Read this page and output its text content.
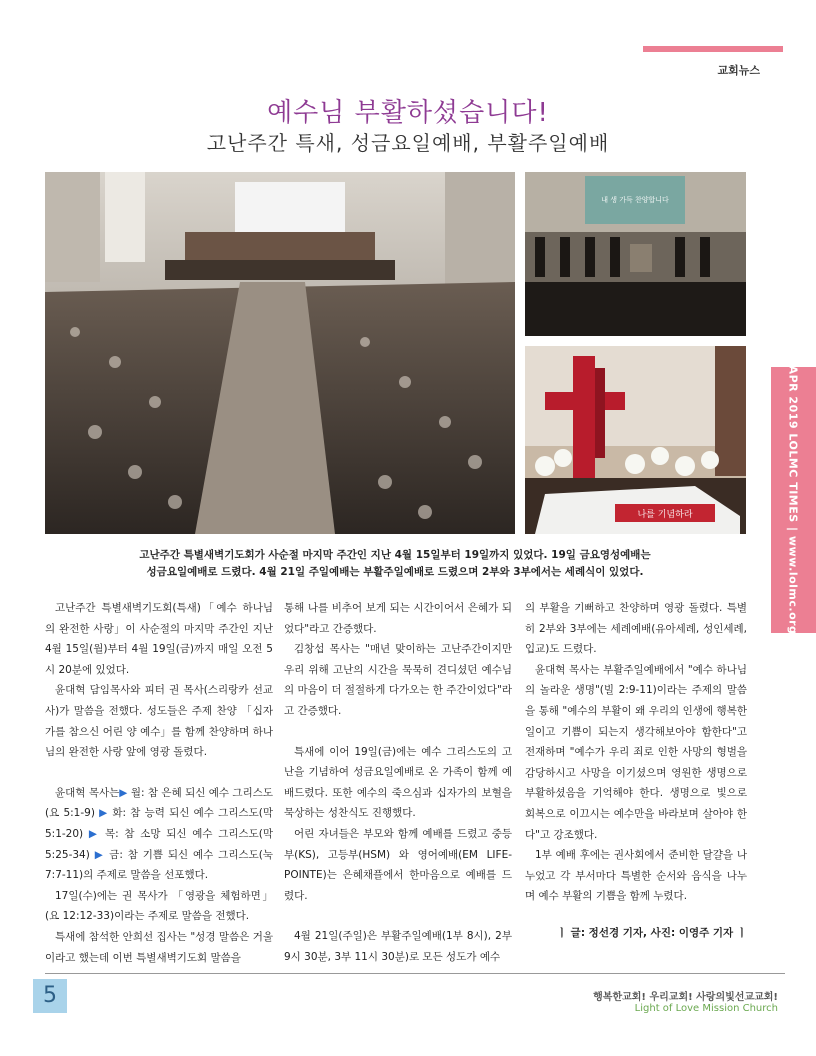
교회뉴스
예수님 부활하셨습니다!
고난주간 특새, 성금요일예배, 부활주일예배
APR 2019 LOLMC TIMES | www.lolmc.org
내 생 가득 찬양합니다
나를 기념하라
고난주간 특별새벽기도회가 사순절 마지막 주간인 지난 4월 15일부터 19일까지 있었다. 19일 금요영성예배는
성금요일예배로 드렸다. 4월 21일 주일예배는 부활주일예배로 드렸으며 2부와 3부에서는 세례식이 있었다.

고난주간 특별새벽기도회(특새)「예수 하나님의 완전한 사랑」이 사순절의 마지막 주간인 지난 4월 15일(월)부터 4월 19일(금)까지 매일 오전 5시 20분에 있었다.

윤대혁 담임목사와 피터 권 목사(스리랑카 선교사)가 말씀을 전했다. 성도들은 주제 찬양 「십자가를 참으신 어린 양 예수」를 함께 찬양하며 하나님의 완전한 사랑 앞에 영광 돌렸다.

윤대혁 목사는▶ 월: 참 은혜 되신 예수 그리스도(요 5:1-9) ▶ 화: 참 능력 되신 예수 그리스도(막 5:1-20) ▶ 목: 참 소망 되신 예수 그리스도(막 5:25-34) ▶ 금: 참 기쁨 되신 예수 그리스도(눅 7:7-11)의 주제로 말씀을 선포했다.

17일(수)에는 권 목사가 「영광을 체험하면」(요 12:12-33)이라는 주제로 말씀을 전했다.

특새에 참석한 안희선 집사는 "성경 말씀은 거울이라고 했는데 이번 특별새벽기도회 말씀을

통해 나를 비추어 보게 되는 시간이어서 은혜가 되었다"라고 간증했다.

김창섭 목사는 "매년 맞이하는 고난주간이지만 우리 위해 고난의 시간을 묵묵히 견디셨던 예수님의 마음이 더 절절하게 다가오는 한 주간이었다"라고 간증했다.

특새에 이어 19일(금)에는 예수 그리스도의 고난을 기념하여 성금요일예배로 온 가족이 함께 예배드렸다. 또한 예수의 죽으심과 십자가의 보혈을 묵상하는 성찬식도 진행했다.

어린 자녀들은 부모와 함께 예배를 드렸고 중등부(KS), 고등부(HSM) 와 영어예배(EM LIFE-POINTE)는 은혜채플에서 한마음으로 예배를 드렸다.

4월 21일(주일)은 부활주일예배(1부 8시), 2부 9시 30분, 3부 11시 30분)로 모든 성도가 예수

의 부활을 기뻐하고 찬양하며 영광 돌렸다. 특별히 2부와 3부에는 세례예배(유아세례, 성인세례, 입교)도 드렸다.

윤대혁 목사는 부활주일예배에서 "예수 하나님의 놀라운 생명"(빌 2:9-11)이라는 주제의 말씀을 통해 "예수의 부활이 왜 우리의 인생에 행복한 일이고 기쁨이 되는지 생각해보아야 함한다"고 전재하며 "예수가 우리 죄로 인한 사망의 형벌을 감당하시고 사망을 이기셨으며 영원한 생명으로 부활하셨음을 기억해야 한다. 생명으로 빛으로 회복으로 이끄시는 예수만을 바라보며 살아야 한다"고 강조했다.

1부 예배 후에는 권사회에서 준비한 달걀을 나누었고 각 부서마다 특별한 순서와 음식을 나누며 예수 부활의 기쁨을 함께 누렸다.

ㅣ 글: 정선경 기자, 사진: 이영주 기자 ㅣ

5	행복한교회! 우리교회! 사랑의빛선교교회!
Light of Love Mission Church
